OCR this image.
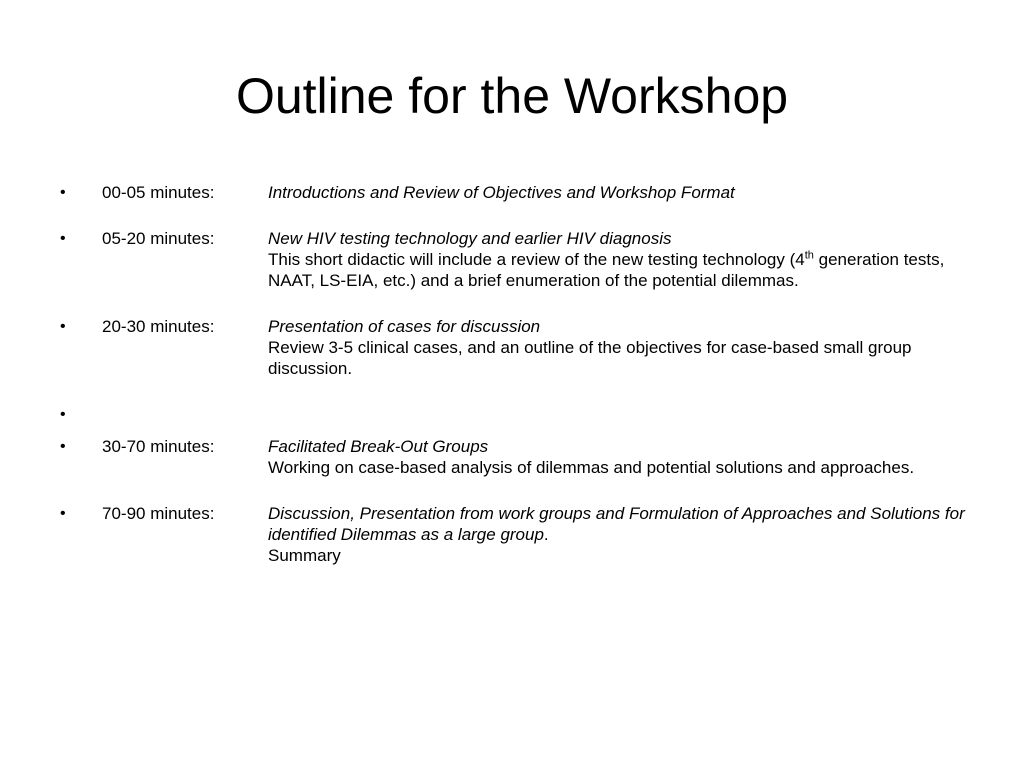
Outline for the Workshop
•	00-05 minutes:	Introductions and Review of Objectives and Workshop Format
•	05-20 minutes:	New HIV testing technology and earlier HIV diagnosis
This short didactic will include a review of the new testing technology (4th generation tests, NAAT, LS-EIA, etc.) and a brief enumeration of the potential dilemmas.
•	20-30 minutes:	Presentation of cases for discussion
Review 3-5 clinical cases, and an outline of the objectives for case-based small group discussion.
•
•	30-70 minutes:	Facilitated Break-Out Groups
Working on case-based analysis of dilemmas and potential solutions and approaches.
•	70-90 minutes:	Discussion, Presentation from work groups and Formulation of Approaches and Solutions for identified Dilemmas as a large group.
Summary
